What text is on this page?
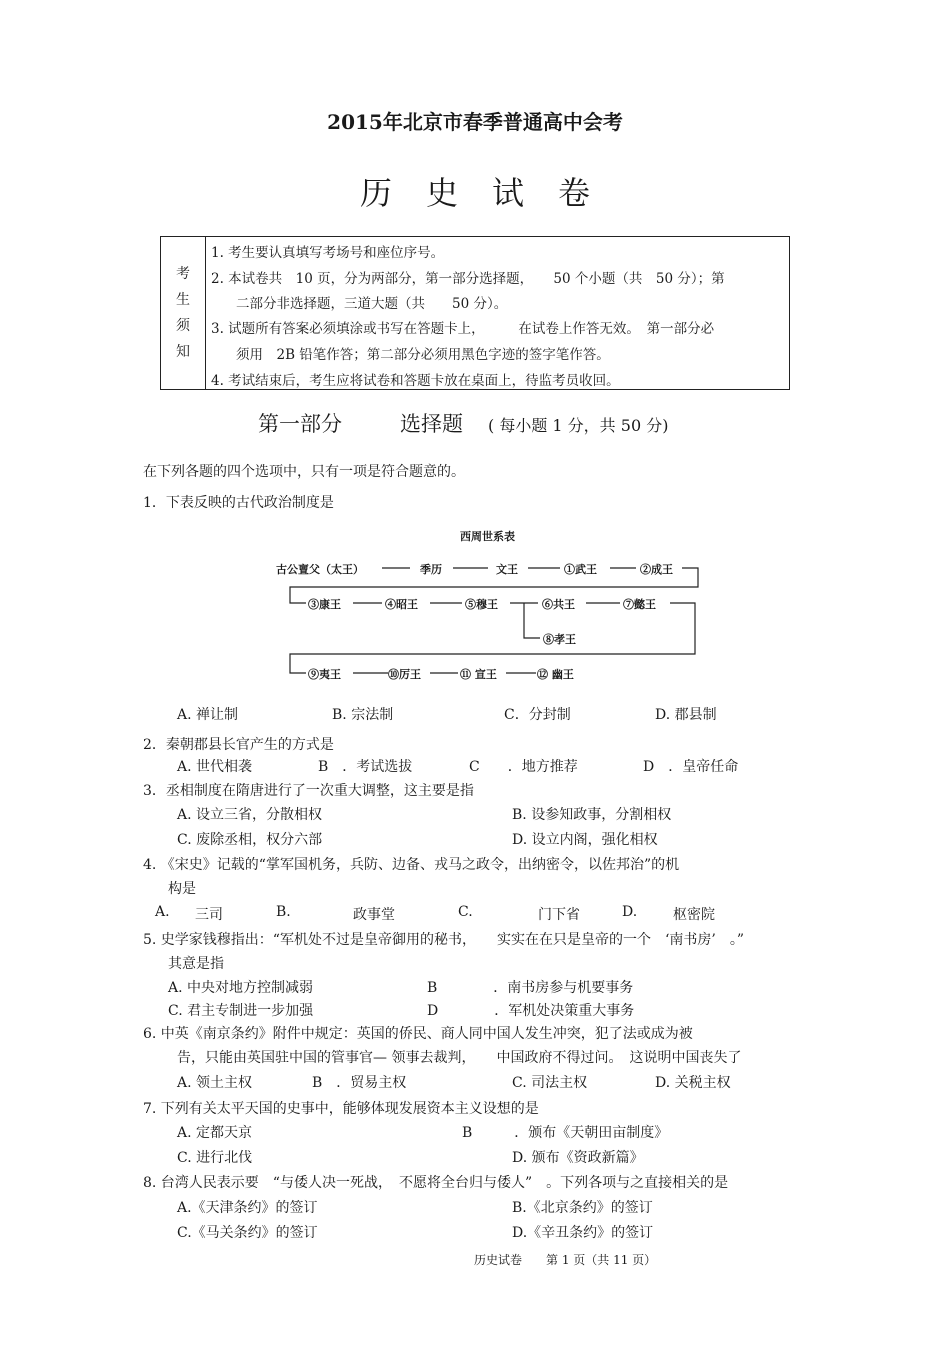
2015年北京市春季普通高中会考
历史试卷
考
生
须
知
1. 考生要认真填写考场号和座位序号。
2. 本试卷共　10 页，分为两部分，第一部分选择题，　　50 个小题（共　50 分）；第
二部分非选择题，三道大题（共　　50 分）。
3. 试题所有答案必须填涂或书写在答题卡上，　　　在试卷上作答无效。　第一部分必
须用　2B 铅笔作答；第二部分必须用黑色字迹的签字笔作答。
4. 考试结束后，考生应将试卷和答题卡放在桌面上，待监考员收回。
第一部分	选择题 ( 每小题 1 分，共 50 分)
在下列各题的四个选项中，只有一项是符合题意的。
1．下表反映的古代政治制度是
西周世系表
古公亶父（太王）	季历	文王	①武王	②成王
③康王	④昭王	⑤穆王	⑥共王	⑦懿王
⑧孝王
⑨夷王	⑩厉王	⑪ 宣王	⑫ 幽王
A. 禅让制	B. 宗法制	C．分封制	D. 郡县制
2．秦朝郡县长官产生的方式是
A. 世代相袭	B　．考试选拔	C　　．地方推荐	D　．皇帝任命
3．丞相制度在隋唐进行了一次重大调整，这主要是指
A. 设立三省，分散相权	B. 设参知政事，分割相权
C. 废除丞相，权分六部	D. 设立内阁，强化相权
4. 《宋史》记载的“掌军国机务，兵防、边备、戎马之政令，出纳密令，以佐邦治”的机
构是
A. 三司	B.	政事堂	C.	门下省	D.	枢密院
5. 史学家钱穆指出：“军机处不过是皇帝御用的秘书，　　实实在在只是皇帝的一个　‘南书房’　。”
其意是指
A. 中央对地方控制减弱	B　　　　．南书房参与机要事务
C. 君主专制进一步加强	D　　　　．军机处决策重大事务
6. 中英《南京条约》附件中规定：英国的侨民、商人同中国人发生冲突，犯了法或成为被
告，只能由英国驻中国的管事官— 领事去裁判，　　中国政府不得过问。　这说明中国丧失了
A. 领土主权	B　．贸易主权	C. 司法主权	D. 关税主权
7. 下列有关太平天国的史事中，能够体现发展资本主义设想的是
A. 定都天京	B　　　．颁布《天朝田亩制度》
C. 进行北伐	D. 颁布《资政新篇》
8. 台湾人民表示要　“与倭人决一死战，　不愿将全台归与倭人”　。下列各项与之直接相关的是
A.《天津条约》的签订	B.《北京条约》的签订
C.《马关条约》的签订	D.《辛丑条约》的签订
历史试卷　　第 1 页（共 11 页）
